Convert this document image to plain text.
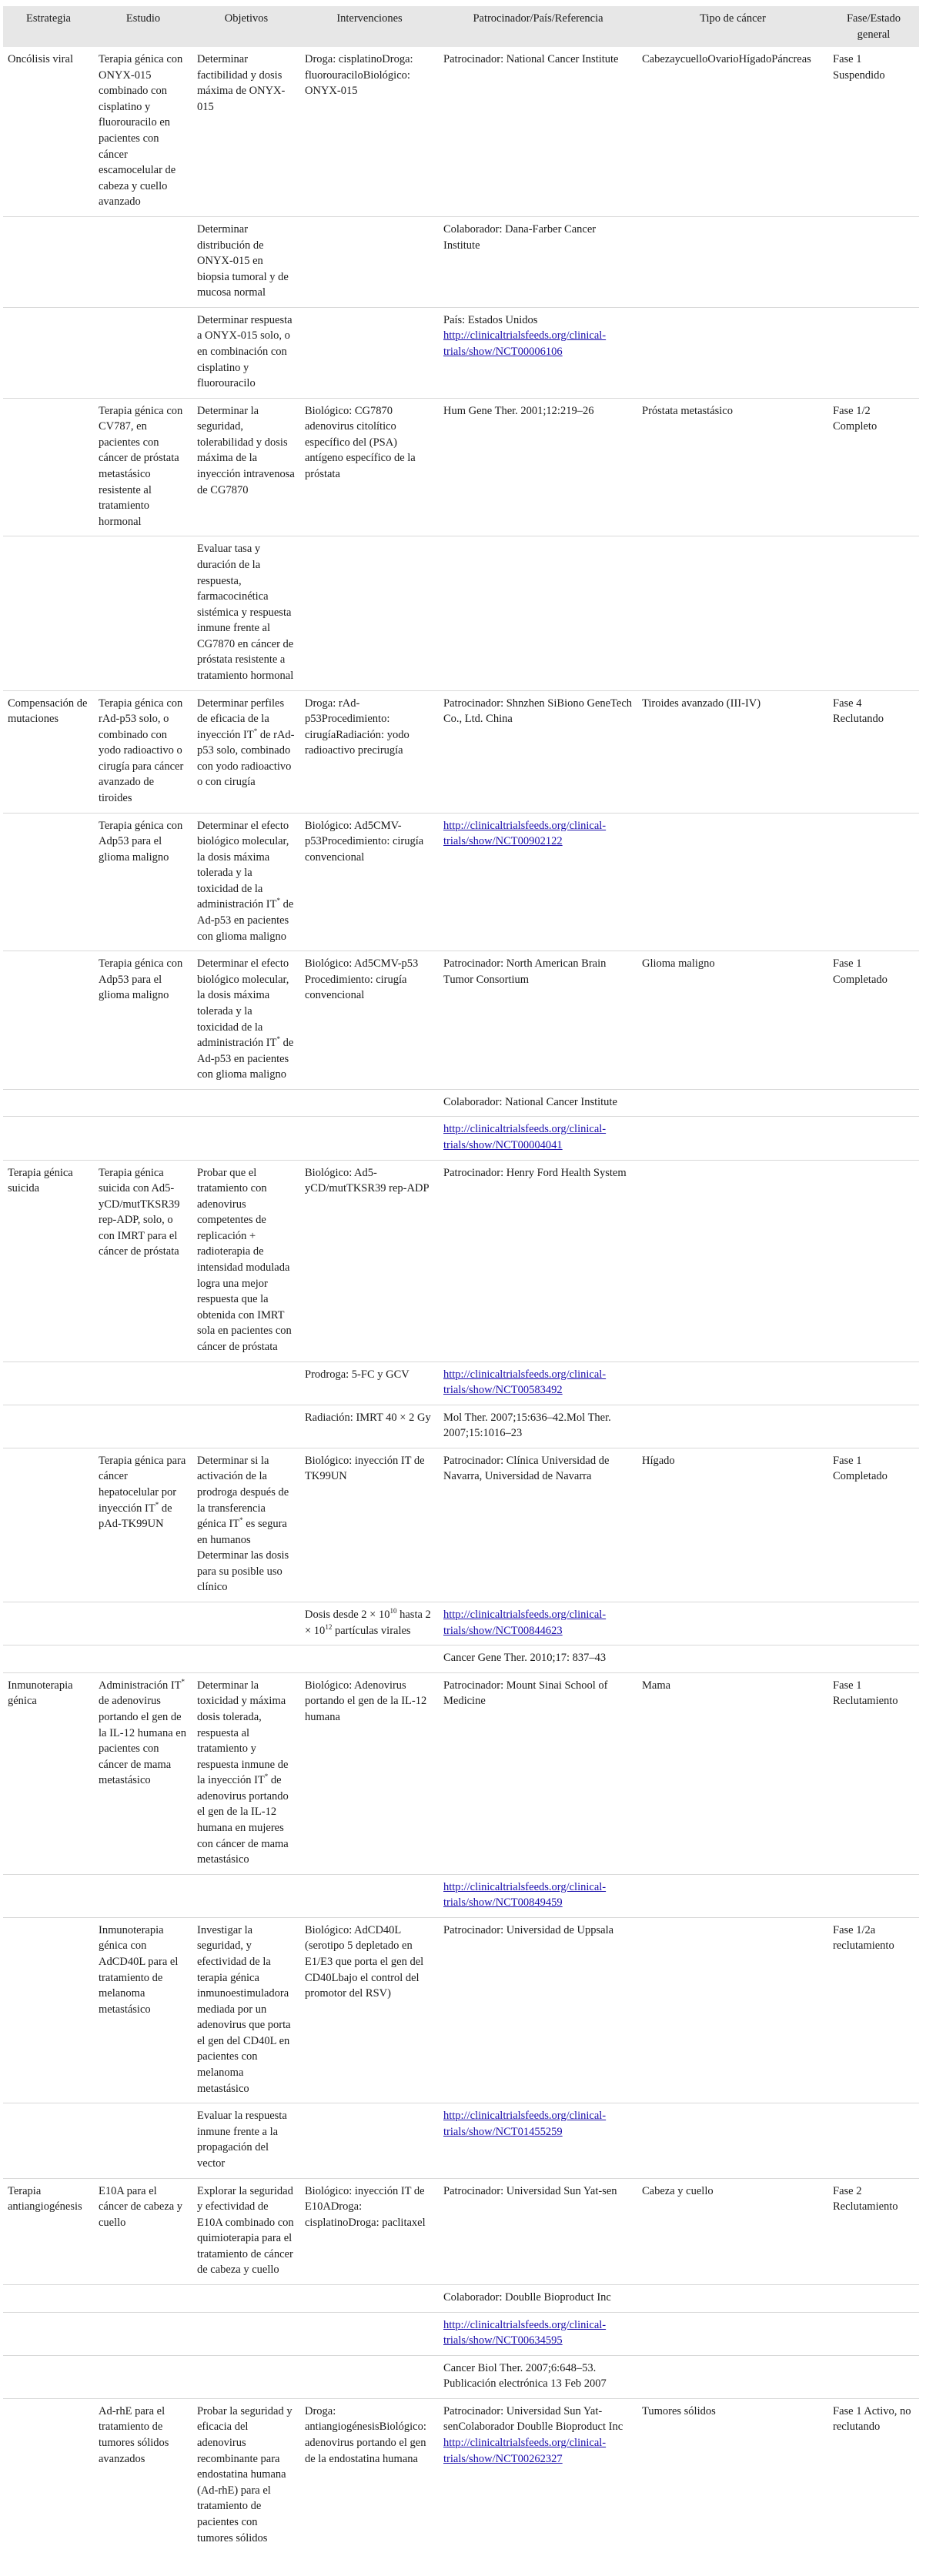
Estrategia	Estudio	Objetivos	Intervenciones	Patrocinador/País/Referencia	Tipo de cáncer	Fase/Estado general
Oncólisis viral	Terapia génica con ONYX-015 combinado con cisplatino y fluorouracilo en pacientes con cáncer escamocelular de cabeza y cuello avanzado	Determinar factibilidad y dosis máxima de ONYX-015	Droga: cisplatinoDroga: fluorouraciloBiológico: ONYX-015	Patrocinador: National Cancer Institute	CabezaycuelloOvarioHígadoPáncreas	Fase 1 Suspendido
		Determinar distribución de ONYX-015 en biopsia tumoral y de mucosa normal		Colaborador: Dana-Farber Cancer Institute		
		Determinar respuesta a ONYX-015 solo, o en combinación con cisplatino y fluorouracilo		País: Estados Unidos http://clinicaltrialsfeeds.org/clinical-trials/show/NCT00006106		
	Terapia génica con CV787, en pacientes con cáncer de próstata metastásico resistente al tratamiento hormonal	Determinar la seguridad, tolerabilidad y dosis máxima de la inyección intravenosa de CG7870	Biológico: CG7870 adenovirus citolítico específico del (PSA) antígeno específico de la próstata	Hum Gene Ther. 2001;12:219–26	Próstata metastásico	Fase 1/2 Completo
		Evaluar tasa y duración de la respuesta, farmacocinética sistémica y respuesta inmune frente al CG7870 en cáncer de próstata resistente a tratamiento hormonal				
Compensación de mutaciones	Terapia génica con rAd-p53 solo, o combinado con yodo radioactivo o cirugía para cáncer avanzado de tiroides	Determinar perfiles de eficacia de la inyección IT* de rAd-p53 solo, combinado con yodo radioactivo o con cirugía	Droga: rAd-p53Procedimiento: cirugíaRadiación: yodo radioactivo precirugía	Patrocinador: Shnzhen SiBiono GeneTech Co., Ltd. China	Tiroides avanzado (III-IV)	Fase 4 Reclutando
	Terapia génica con Adp53 para el glioma maligno	Determinar el efecto biológico molecular, la dosis máxima tolerada y la toxicidad de la administración IT* de Ad-p53 en pacientes con glioma maligno	Biológico: Ad5CMV-p53Procedimiento: cirugía convencional	http://clinicaltrialsfeeds.org/clinical-trials/show/NCT00902122		
	Terapia génica con Adp53 para el glioma maligno	Determinar el efecto biológico molecular, la dosis máxima tolerada y la toxicidad de la administración IT* de Ad-p53 en pacientes con glioma maligno	Biológico: Ad5CMV-p53 Procedimiento: cirugía convencional	Patrocinador: North American Brain Tumor Consortium	Glioma maligno	Fase 1 Completado
				Colaborador: National Cancer Institute		
				http://clinicaltrialsfeeds.org/clinical-trials/show/NCT00004041		
Terapia génica suicida	Terapia génica suicida con Ad5-yCD/mutTKSR39 rep-ADP, solo, o con IMRT para el cáncer de próstata	Probar que el tratamiento con adenovirus competentes de replicación + radioterapia de intensidad modulada logra una mejor respuesta que la obtenida con IMRT sola en pacientes con cáncer de próstata	Biológico: Ad5-yCD/mutTKSR39 rep-ADP	Patrocinador: Henry Ford Health System		
			Prodroga: 5-FC y GCV	http://clinicaltrialsfeeds.org/clinical-trials/show/NCT00583492		
			Radiación: IMRT 40 × 2 Gy	Mol Ther. 2007;15:636–42.Mol Ther. 2007;15:1016–23		
	Terapia génica para cáncer hepatocelular por inyección IT* de pAd-TK99UN	Determinar si la activación de la prodroga después de la transferencia génica IT* es segura en humanos Determinar las dosis para su posible uso clínico	Biológico: inyección IT de TK99UN	Patrocinador: Clínica Universidad de Navarra, Universidad de Navarra	Hígado	Fase 1 Completado
			Dosis desde $2 \times 10^{10}$ hasta $2 \times 10^{12}$ partículas virales	http://clinicaltrialsfeeds.org/clinical-trials/show/NCT00844623		
				Cancer Gene Ther. 2010;17: 837–43		
Inmunoterapia génica	Administración IT* de adenovirus portando el gen de la IL-12 humana en pacientes con cáncer de mama metastásico	Determinar la toxicidad y máxima dosis tolerada, respuesta al tratamiento y respuesta inmune de la inyección IT* de adenovirus portando el gen de la IL-12 humana en mujeres con cáncer de mama metastásico	Biológico: Adenovirus portando el gen de la IL-12 humana	Patrocinador: Mount Sinai School of Medicine	Mama	Fase 1 Reclutamiento
				http://clinicaltrialsfeeds.org/clinical-trials/show/NCT00849459		
	Inmunoterapia génica con AdCD40L para el tratamiento de melanoma metastásico	Investigar la seguridad, y efectividad de la terapia génica inmunoestimuladora mediada por un adenovirus que porta el gen del CD40L en pacientes con melanoma metastásico	Biológico: AdCD40L (serotipo 5 depletado en E1/E3 que porta el gen del CD40Lbajo el control del promotor del RSV)	Patrocinador: Universidad de Uppsala		Fase 1/2a reclutamiento
		Evaluar la respuesta inmune frente a la propagación del vector		http://clinicaltrialsfeeds.org/clinical-trials/show/NCT01455259		
Terapia antiangiogénesis	E10A para el cáncer de cabeza y cuello	Explorar la seguridad y efectividad de E10A combinado con quimioterapia para el tratamiento de cáncer de cabeza y cuello	Biológico: inyección IT de E10ADroga: cisplatinoDroga: paclitaxel	Patrocinador: Universidad Sun Yat-sen	Cabeza y cuello	Fase 2 Reclutamiento
				Colaborador: Doublle Bioproduct Inc		
				http://clinicaltrialsfeeds.org/clinical-trials/show/NCT00634595		
				Cancer Biol Ther. 2007;6:648–53. Publicación electrónica 13 Feb 2007		
	Ad-rhE para el tratamiento de tumores sólidos avanzados	Probar la seguridad y eficacia del adenovirus recombinante para endostatina humana (Ad-rhE) para el tratamiento de pacientes con tumores sólidos	Droga: antiangiogénesisBiológico: adenovirus portando el gen de la endostatina humana	Patrocinador: Universidad Sun Yat-senColaborador Doublle Bioproduct Inc http://clinicaltrialsfeeds.org/clinical-trials/show/NCT00262327	Tumores sólidos	Fase 1 Activo, no reclutando
